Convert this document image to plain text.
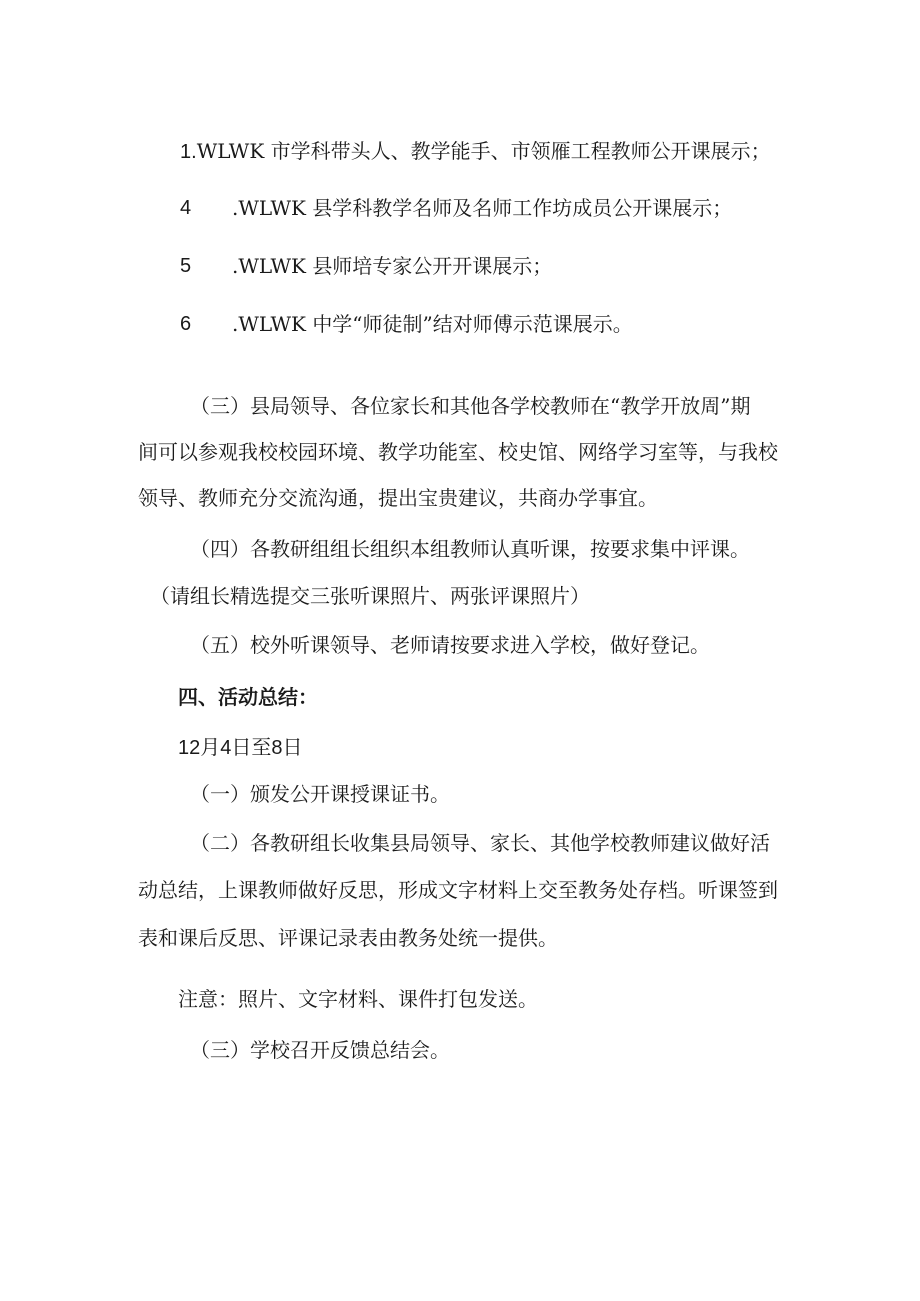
1.WLWK 市学科带头人、教学能手、市领雁工程教师公开课展示；
4 .WLWK 县学科教学名师及名师工作坊成员公开课展示；
5 .WLWK 县师培专家公开开课展示；
6 .WLWK 中学“师徒制”结对师傅示范课展示。
（三）县局领导、各位家长和其他各学校教师在“教学开放周”期
间可以参观我校校园环境、教学功能室、校史馆、网络学习室等，与我校
领导、教师充分交流沟通，提出宝贵建议，共商办学事宜。
（四）各教研组组长组织本组教师认真听课，按要求集中评课。
（请组长精选提交三张听课照片、两张评课照片）
（五）校外听课领导、老师请按要求进入学校，做好登记。
四、活动总结：
12月4日至8日
（一）颁发公开课授课证书。
（二）各教研组长收集县局领导、家长、其他学校教师建议做好活
动总结，上课教师做好反思，形成文字材料上交至教务处存档。听课签到
表和课后反思、评课记录表由教务处统一提供。
注意：照片、文字材料、课件打包发送。
（三）学校召开反馈总结会。
